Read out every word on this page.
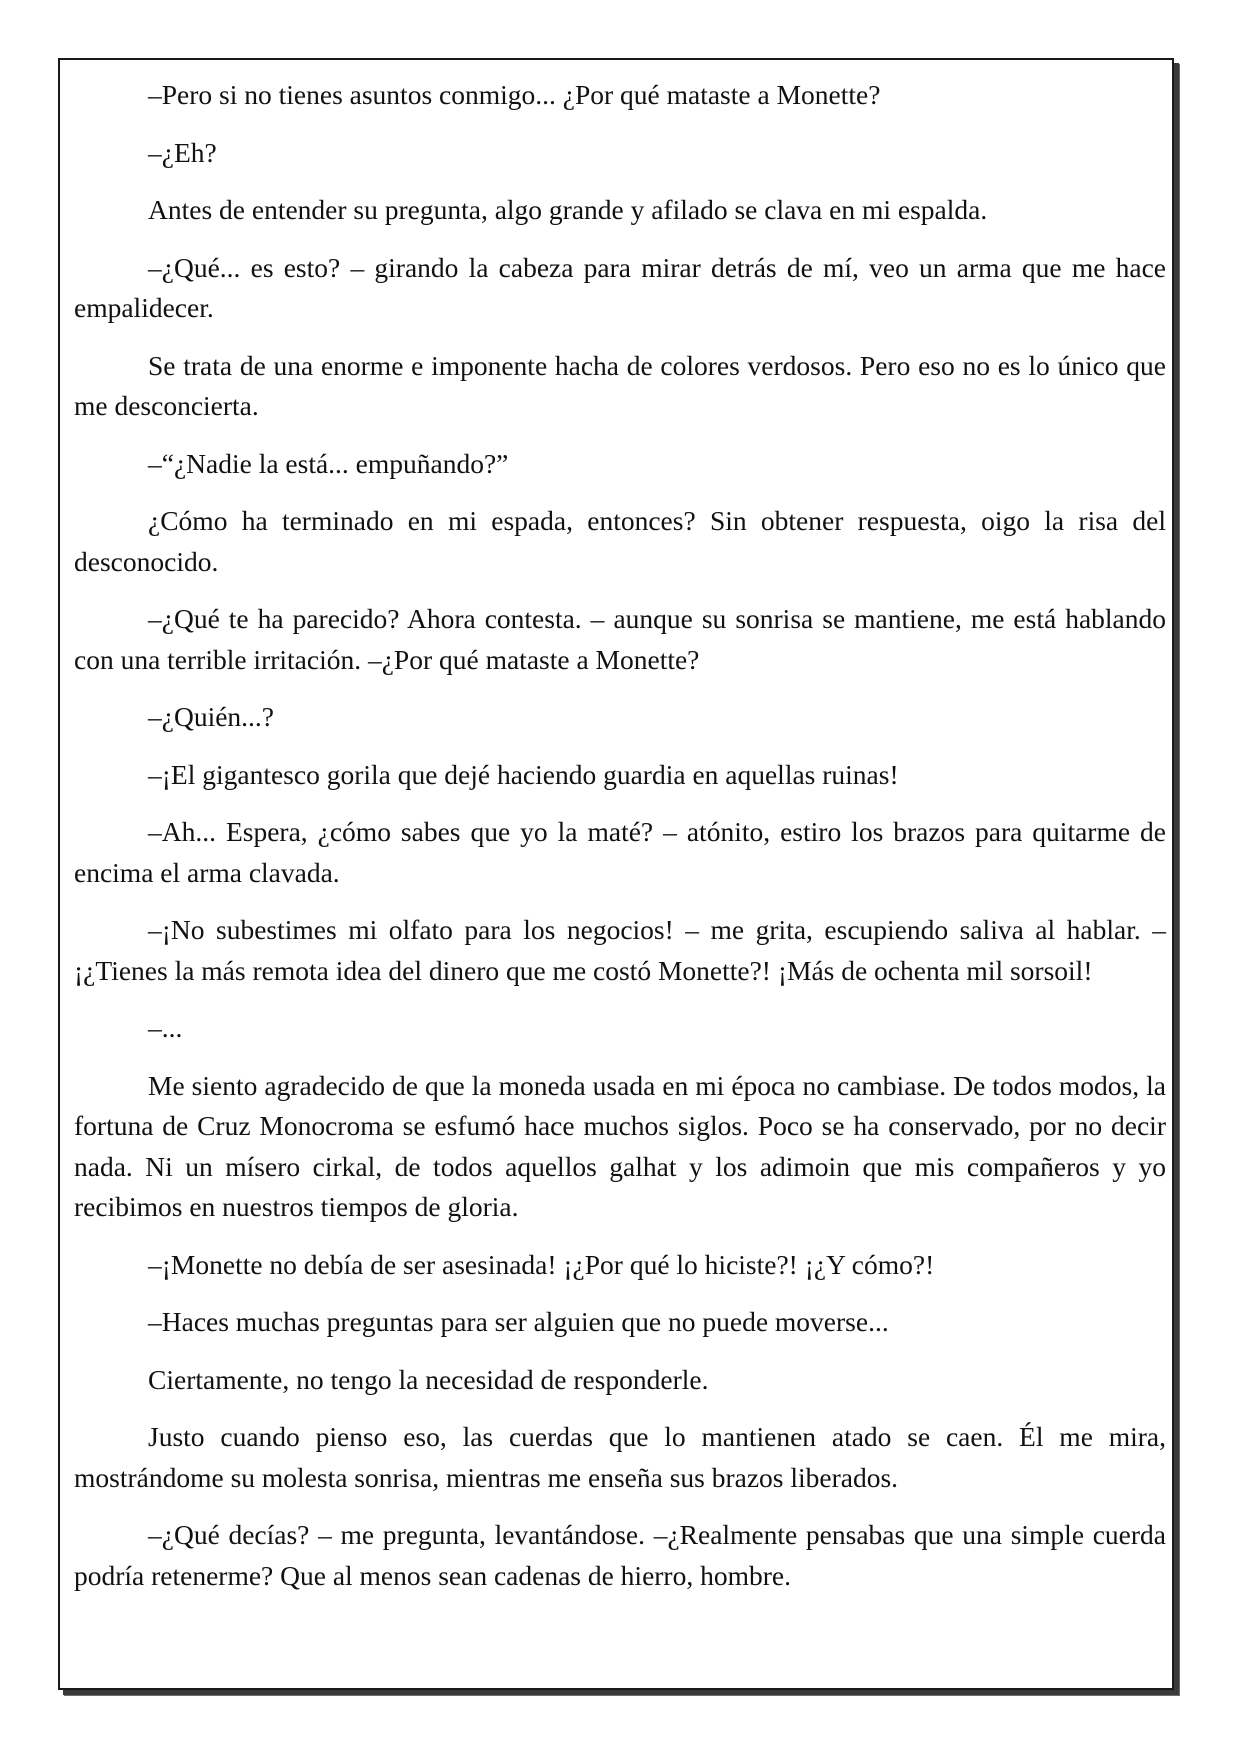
–Pero si no tienes asuntos conmigo... ¿Por qué mataste a Monette?

–¿Eh?

Antes de entender su pregunta, algo grande y afilado se clava en mi espalda.

–¿Qué... es esto? – girando la cabeza para mirar detrás de mí, veo un arma que me hace empalidecer.

Se trata de una enorme e imponente hacha de colores verdosos. Pero eso no es lo único que me desconcierta.

–“¿Nadie la está... empuñando?”

¿Cómo ha terminado en mi espada, entonces? Sin obtener respuesta, oigo la risa del desconocido.

–¿Qué te ha parecido? Ahora contesta. – aunque su sonrisa se mantiene, me está hablando con una terrible irritación. –¿Por qué mataste a Monette?

–¿Quién...?

–¡El gigantesco gorila que dejé haciendo guardia en aquellas ruinas!

–Ah... Espera, ¿cómo sabes que yo la maté? – atónito, estiro los brazos para quitarme de encima el arma clavada.

–¡No subestimes mi olfato para los negocios! – me grita, escupiendo saliva al hablar. –¡¿Tienes la más remota idea del dinero que me costó Monette?! ¡Más de ochenta mil sorsoil!

–...

Me siento agradecido de que la moneda usada en mi época no cambiase. De todos modos, la fortuna de Cruz Monocroma se esfumó hace muchos siglos. Poco se ha conservado, por no decir nada. Ni un mísero cirkal, de todos aquellos galhat y los adimoin que mis compañeros y yo recibimos en nuestros tiempos de gloria.

–¡Monette no debía de ser asesinada! ¡¿Por qué lo hiciste?! ¡¿Y cómo?!

–Haces muchas preguntas para ser alguien que no puede moverse...

Ciertamente, no tengo la necesidad de responderle.

Justo cuando pienso eso, las cuerdas que lo mantienen atado se caen. Él me mira, mostrándome su molesta sonrisa, mientras me enseña sus brazos liberados.

–¿Qué decías? – me pregunta, levantándose. –¿Realmente pensabas que una simple cuerda podría retenerme? Que al menos sean cadenas de hierro, hombre.
